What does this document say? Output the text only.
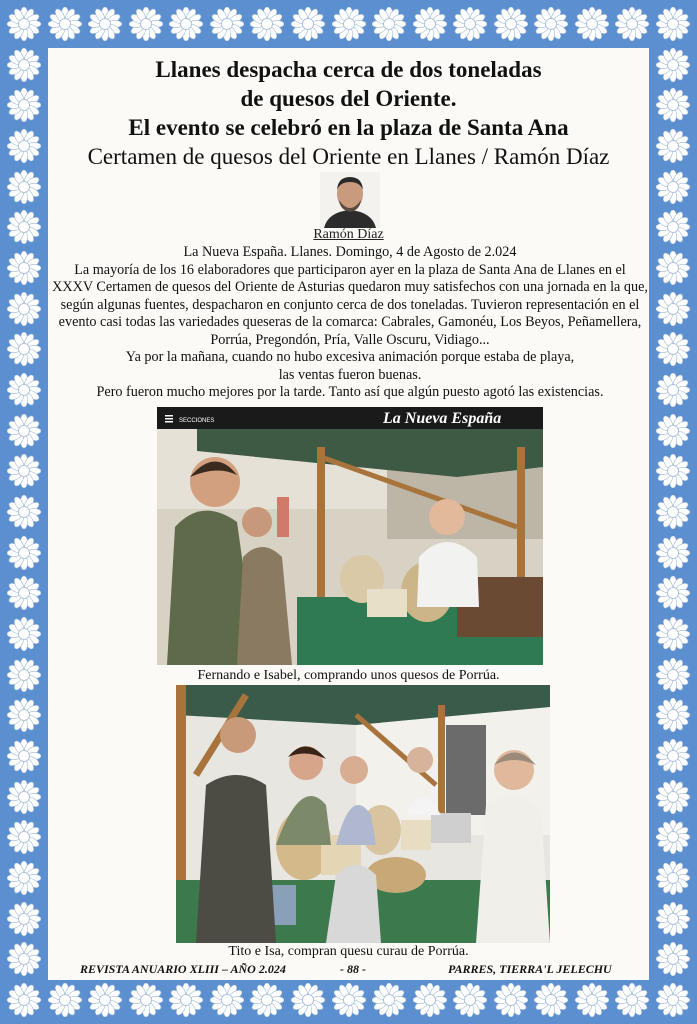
Llanes despacha cerca de dos toneladas
de quesos del Oriente.
El evento se celebró en la plaza de Santa Ana
Certamen de quesos del Oriente en Llanes / Ramón Díaz
Ramón Díaz
La Nueva España. Llanes. Domingo, 4 de Agosto de 2.024
La mayoría de los 16 elaboradores que participaron ayer en la plaza de Santa Ana de Llanes en el XXXV Certamen de quesos del Oriente de Asturias quedaron muy satisfechos con una jornada en la que, según algunas fuentes, despacharon en conjunto cerca de dos toneladas. Tuvieron representación en el evento casi todas las variedades queseras de la comarca: Cabrales, Gamonéu, Los Beyos, Peñamellera, Porrúa, Pregondón, Pría, Valle Oscuru, Vidiago...
Ya por la mañana, cuando no hubo excesiva animación porque estaba de playa,
las ventas fueron buenas.
Pero fueron mucho mejores por la tarde. Tanto así que algún puesto agotó las existencias.
SECCIONES	La Nueva España
Fernando e Isabel, comprando unos quesos de Porrúa.
Tito e Isa, compran quesu curau de Porrúa.
REVISTA ANUARIO XLIII – AÑO 2.024	- 88 -	PARRES, TIERRA'L JELECHU
